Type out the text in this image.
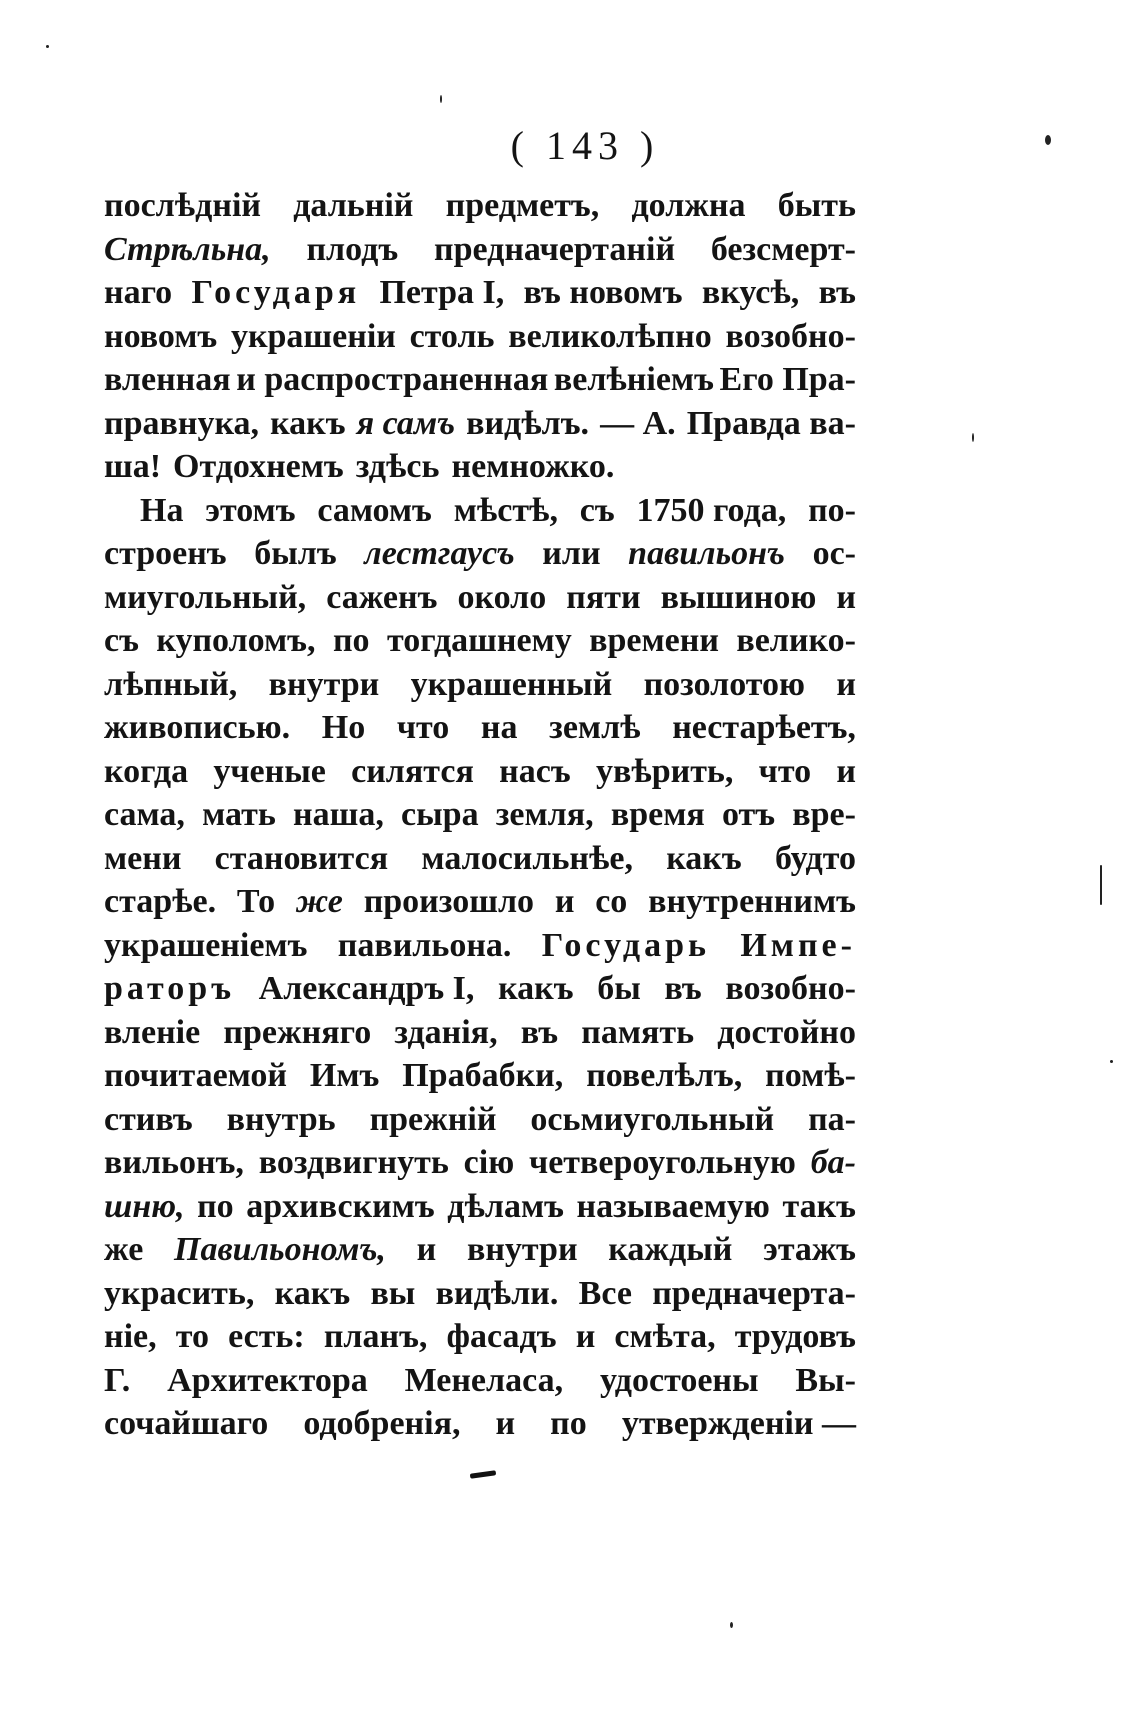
( 143 )
послѣдній дальній предметъ, должна быть
Стрѣльна, плодъ предначертаній безсмерт-
наго Государя Петра I, въ новомъ вкусѣ, въ
новомъ украшеніи столь великолѣпно возобно-
вленная и распространенная велѣніемъ Его Пра-
правнука, какъ я самъ видѣлъ. — А. Правда ва-
ша! Отдохнемъ здѣсь немножко.
На этомъ самомъ мѣстѣ, съ 1750 года, по-
строенъ былъ лестгаусъ или павильонъ ос-
миугольный, саженъ около пяти вышиною и
съ куполомъ, по тогдашнему времени велико-
лѣпный, внутри украшенный позолотою и
живописью. Но что на землѣ нестарѣетъ,
когда ученые силятся насъ увѣрить, что и
сама, мать наша, сыра земля, время отъ вре-
мени становится малосильнѣе, какъ будто
старѣе. То же произошло и со внутреннимъ
украшеніемъ павильона. Государь Импе-
раторъ Александръ I, какъ бы въ возобно-
вленіе прежняго зданія, въ память достойно
почитаемой Имъ Прабабки, повелѣлъ, помѣ-
стивъ внутрь прежній осьмиугольный па-
вильонъ, воздвигнуть сію четвероугольную ба-
шню, по архивскимъ дѣламъ называемую такъ
же Павильономъ, и внутри каждый этажъ
украсить, какъ вы видѣли. Все предначерта-
ніе, то есть: планъ, фасадъ и смѣта, трудовъ
Г. Архитектора Менеласа, удостоены Вы-
сочайшаго одобренія, и по утвержденіи —
